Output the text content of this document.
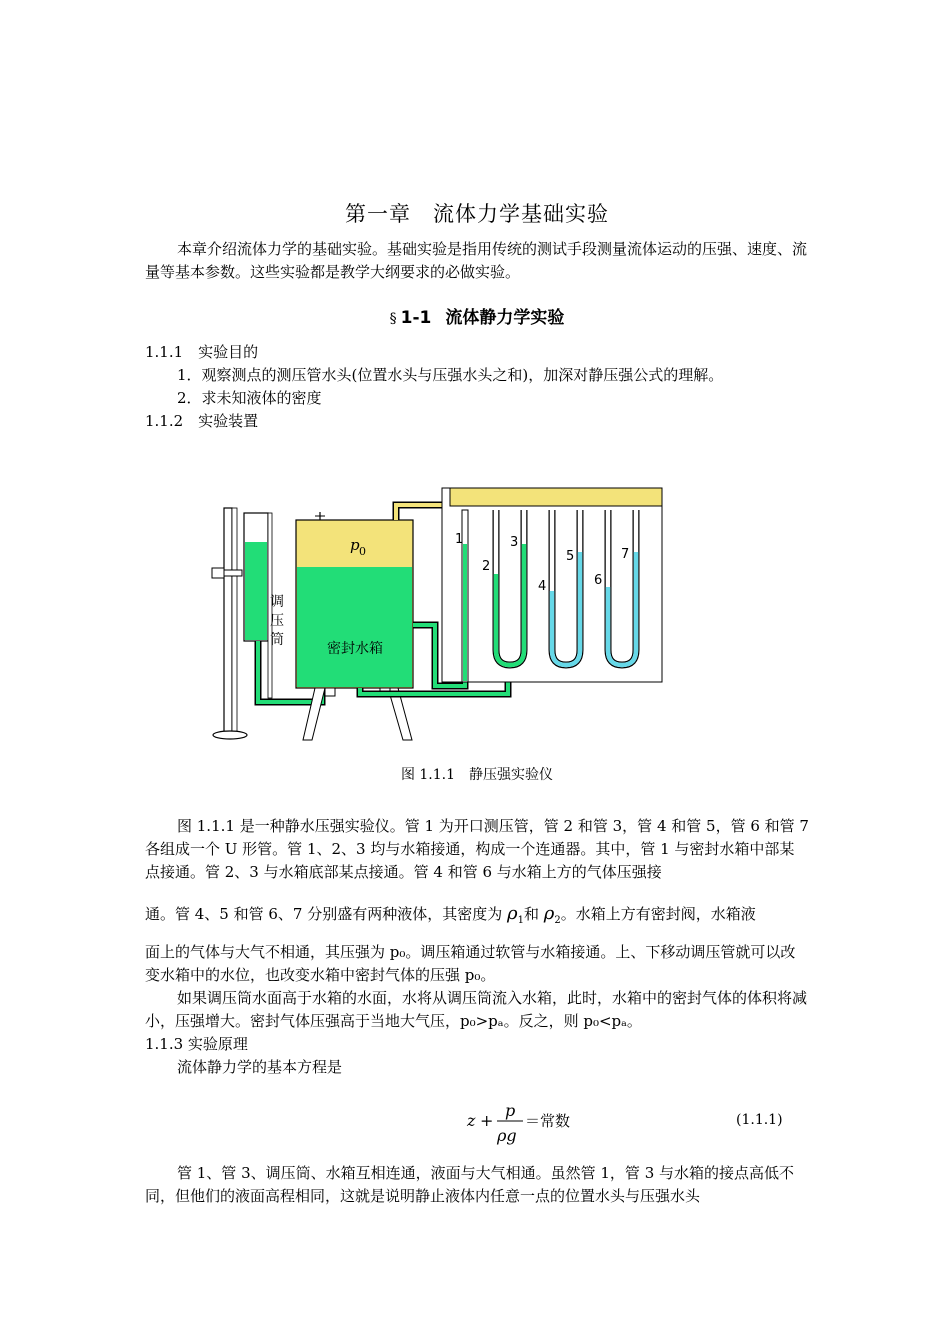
第一章　流体力学基础实验

本章介绍流体力学的基础实验。基础实验是指用传统的测试手段测量流体运动的压强、速度、流量等基本参数。这些实验都是教学大纲要求的必做实验。

§ 1-1 流体静力学实验

1.1.1　实验目的

1．观察测点的测压管水头(位置水头与压强水头之和)，加深对静压强公式的理解。

2．求未知液体的密度

1.1.2　实验装置

调
压
筒
p 0
密封水箱
1
2
3
4
5
6
7
图 1.1.1　静压强实验仪

图 1.1.1 是一种静水压强实验仪。管 1 为开口测压管，管 2 和管 3，管 4 和管 5，管 6 和管 7 各组成一个 U 形管。管 1、2、3 均与水箱接通，构成一个连通器。其中，管 1 与密封水箱中部某点接通。管 2、3 与水箱底部某点接通。管 4 和管 6 与水箱上方的气体压强接

通。管 4、5 和管 6、7 分别盛有两种液体，其密度为 $\rho_1$和 $\rho_2$。水箱上方有密封阀，水箱液

面上的气体与大气不相通，其压强为 p₀。调压箱通过软管与水箱接通。上、下移动调压管就可以改变水箱中的水位，也改变水箱中密封气体的压强 p₀。

如果调压筒水面高于水箱的水面，水将从调压筒流入水箱，此时，水箱中的密封气体的体积将减小，压强增大。密封气体压强高于当地大气压，p₀>pₐ。反之，则 p₀<pₐ。

1.1.3 实验原理

流体静力学的基本方程是

z +
p
ρg
＝常数	(1.1.1)

管 1、管 3、调压筒、水箱互相连通，液面与大气相通。虽然管 1，管 3 与水箱的接点高低不同，但他们的液面高程相同，这就是说明静止液体内任意一点的位置水头与压强水头
